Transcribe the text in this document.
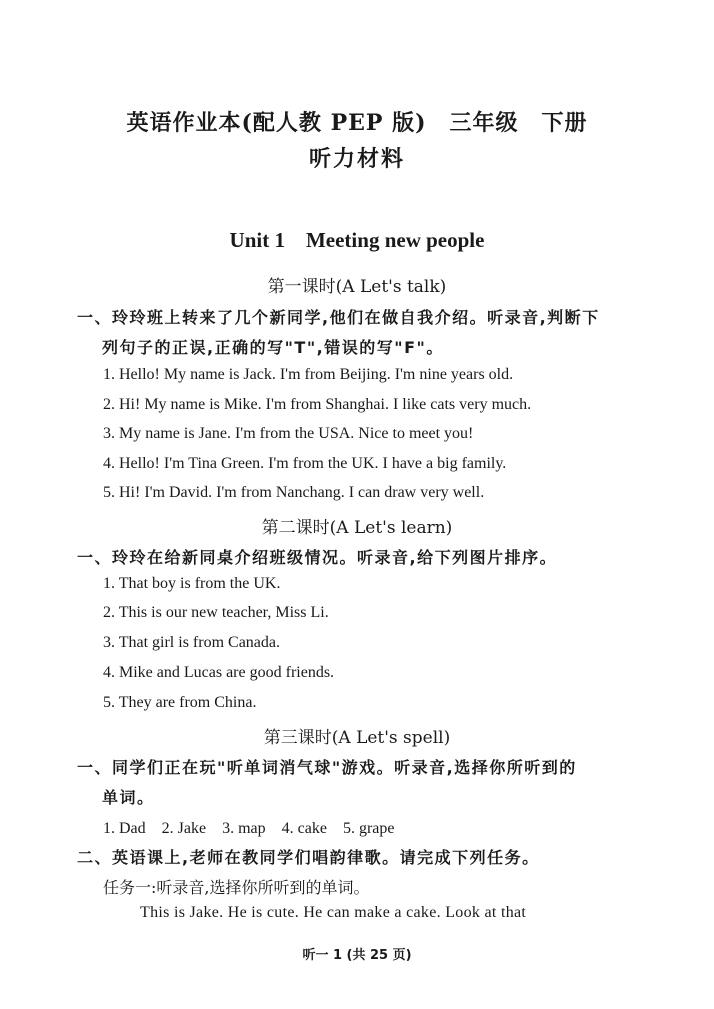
英语作业本(配人教 PEP 版)　三年级　下册
听力材料
Unit 1　Meeting new people
第一课时(A Let's talk)
一、玲玲班上转来了几个新同学,他们在做自我介绍。听录音,判断下
列句子的正误,正确的写"T",错误的写"F"。
1. Hello! My name is Jack. I'm from Beijing. I'm nine years old.
2. Hi! My name is Mike. I'm from Shanghai. I like cats very much.
3. My name is Jane. I'm from the USA. Nice to meet you!
4. Hello! I'm Tina Green. I'm from the UK. I have a big family.
5. Hi! I'm David. I'm from Nanchang. I can draw very well.
第二课时(A Let's learn)
一、玲玲在给新同桌介绍班级情况。听录音,给下列图片排序。
1. That boy is from the UK.
2. This is our new teacher, Miss Li.
3. That girl is from Canada.
4. Mike and Lucas are good friends.
5. They are from China.
第三课时(A Let's spell)
一、同学们正在玩"听单词消气球"游戏。听录音,选择你所听到的
单词。
1. Dad　2. Jake　3. map　4. cake　5. grape
二、英语课上,老师在教同学们唱韵律歌。请完成下列任务。
任务一:听录音,选择你所听到的单词。
This is Jake. He is cute. He can make a cake. Look at that
听一 1 (共 25 页)
